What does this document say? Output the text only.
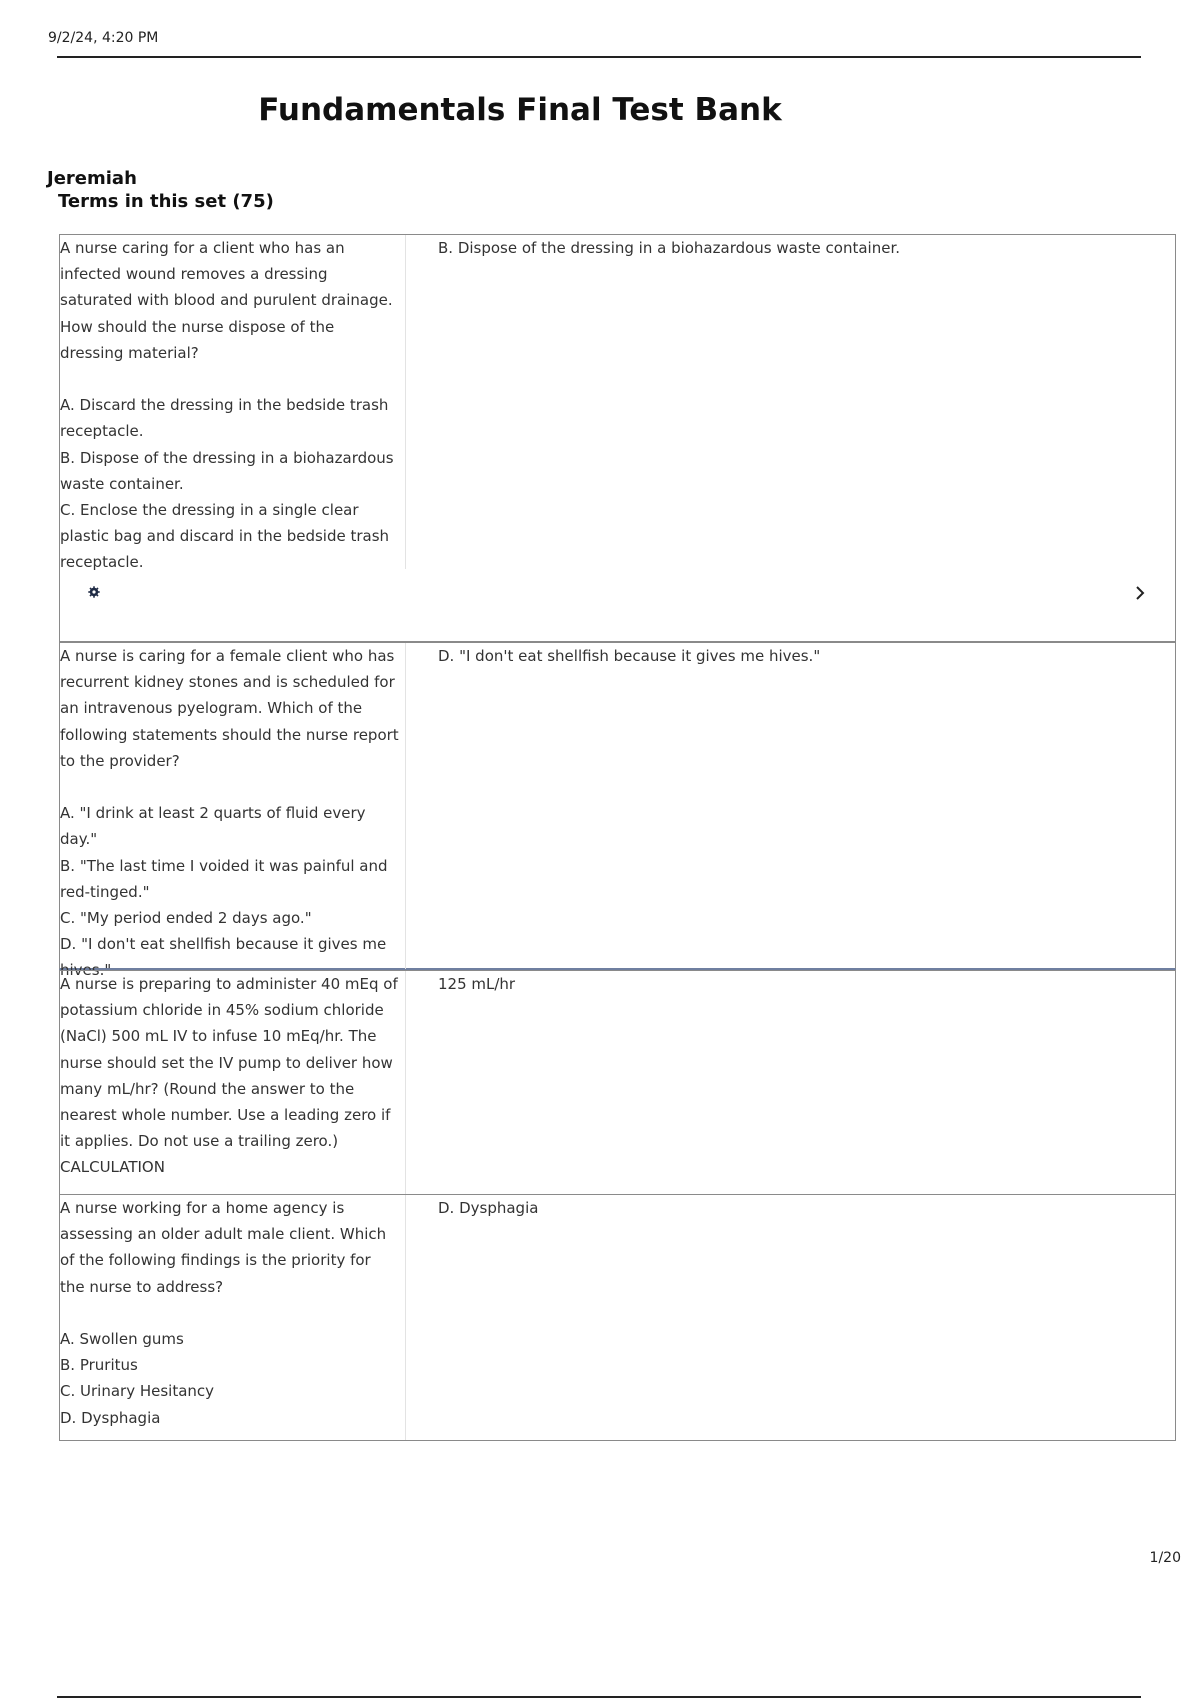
9/2/24, 4:20 PM
Fundamentals Final Test Bank
Jeremiah
Terms in this set (75)
A nurse caring for a client who has an
infected wound removes a dressing
saturated with blood and purulent drainage.
How should the nurse dispose of the
dressing material?

A. Discard the dressing in the bedside trash
receptacle.
B. Dispose of the dressing in a biohazardous
waste container.
C. Enclose the dressing in a single clear
plastic bag and discard in the bedside trash
receptacle.
B. Dispose of the dressing in a biohazardous waste container.
A nurse is caring for a female client who has
recurrent kidney stones and is scheduled for
an intravenous pyelogram. Which of the
following statements should the nurse report
to the provider?

A. "I drink at least 2 quarts of fluid every day."
B. "The last time I voided it was painful and
red-tinged."
C. "My period ended 2 days ago."
D. "I don't eat shellfish because it gives me
hives."
D. "I don't eat shellfish because it gives me hives."
A nurse is preparing to administer 40 mEq of
potassium chloride in 45% sodium chloride
(NaCl) 500 mL IV to infuse 10 mEq/hr. The
nurse should set the IV pump to deliver how
many mL/hr? (Round the answer to the
nearest whole number. Use a leading zero if
it applies. Do not use a trailing zero.)
CALCULATION
125 mL/hr
A nurse working for a home agency is
assessing an older adult male client. Which
of the following findings is the priority for
the nurse to address?

A. Swollen gums
B. Pruritus
C. Urinary Hesitancy
D. Dysphagia
D. Dysphagia
1/20
